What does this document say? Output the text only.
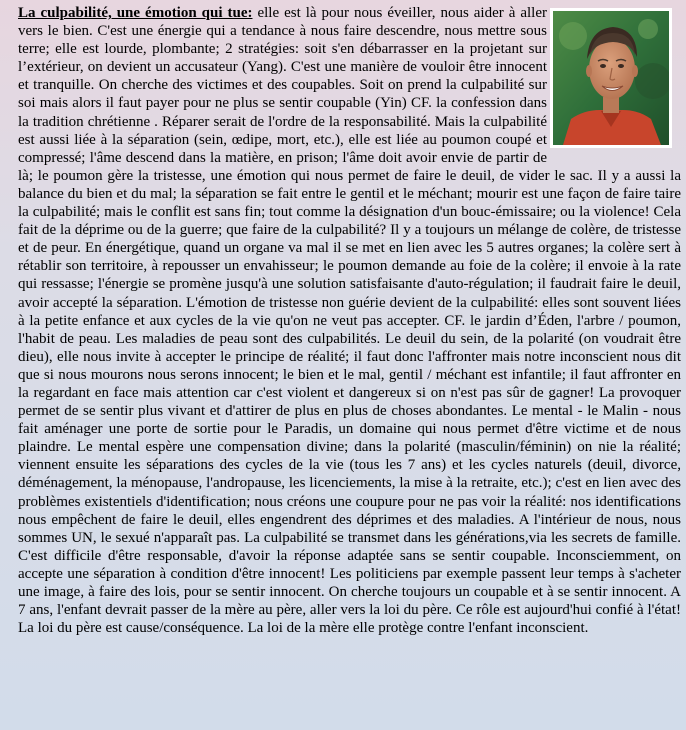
La culpabilité, une émotion qui tue: elle est là pour nous éveiller, nous aider à aller vers le bien. C'est une énergie qui a tendance à nous faire descendre, nous mettre sous terre; elle est lourde, plombante; 2 stratégies: soit s'en débarrasser en la projetant sur l’extérieur, on devient un accusateur (Yang). C'est une manière de vouloir être innocent et tranquille. On cherche des victimes et des coupables. Soit on prend la culpabilité sur soi mais alors il faut payer pour ne plus se sentir coupable (Yin) CF. la confession dans la tradition chrétienne . Réparer serait de l'ordre de la responsabilité. Mais la culpabilité est aussi liée à la séparation (sein, œdipe, mort, etc.), elle est liée au poumon coupé et compressé; l'âme descend dans la matière, en prison; l'âme doit avoir envie de partir de là; le poumon gère la tristesse, une émotion qui nous permet de faire le deuil, de vider le sac. Il y a aussi la balance du bien et du mal; la séparation se fait entre le gentil et le méchant; mourir est une façon de faire taire la culpabilité; mais le conflit est sans fin; tout comme la désignation d'un bouc-émissaire; ou la violence! Cela fait de la déprime ou de la guerre; que faire de la culpabilité? Il y a toujours un mélange de colère, de tristesse et de peur. En énergétique, quand un organe va mal il se met en lien avec les 5 autres organes; la colère sert à rétablir son territoire, à repousser un envahisseur; le poumon demande au foie de la colère; il envoie à la rate qui ressasse; l'énergie se promène jusqu'à une solution satisfaisante d'auto-régulation; il faudrait faire le deuil, avoir accepté la séparation. L'émotion de tristesse non guérie devient de la culpabilité: elles sont souvent liées à la petite enfance et aux cycles de la vie qu'on ne veut pas accepter. CF. le jardin d’Éden, l'arbre / poumon, l'habit de peau. Les maladies de peau sont des culpabilités. Le deuil du sein, de la polarité (on voudrait être dieu), elle nous invite à accepter le principe de réalité; il faut donc l'affronter mais notre inconscient nous dit que si nous mourons nous serons innocent; le bien et le mal, gentil / méchant est infantile; il faut affronter en la regardant en face mais attention car c'est violent et dangereux si on n'est pas sûr de gagner! La provoquer permet de se sentir plus vivant et d'attirer de plus en plus de choses abondantes. Le mental - le Malin - nous fait aménager une porte de sortie pour le Paradis, un domaine qui nous permet d'être victime et de nous plaindre. Le mental espère une compensation divine; dans la polarité (masculin/féminin) on nie la réalité; viennent ensuite les séparations des cycles de la vie (tous les 7 ans) et les cycles naturels (deuil, divorce, déménagement, la ménopause, l'andropause, les licenciements, la mise à la retraite, etc.); c'est en lien avec des problèmes existentiels d'identification; nous créons une coupure pour ne pas voir la réalité: nos identifications nous empêchent de faire le deuil, elles engendrent des déprimes et des maladies. A l'intérieur de nous, nous sommes UN, le sexué n'apparaît pas. La culpabilité se transmet dans les générations,via les secrets de famille. C'est difficile d'être responsable, d'avoir la réponse adaptée sans se sentir coupable. Inconsciemment, on accepte une séparation à condition d'être innocent! Les politiciens par exemple passent leur temps à s'acheter une image, à faire des lois, pour se sentir innocent. On cherche toujours un coupable et à se sentir innocent. A 7 ans, l'enfant devrait passer de la mère au père, aller vers la loi du père. Ce rôle est aujourd'hui confié à l'état! La loi du père est cause/conséquence. La loi de la mère elle protège contre l'enfant inconscient.
